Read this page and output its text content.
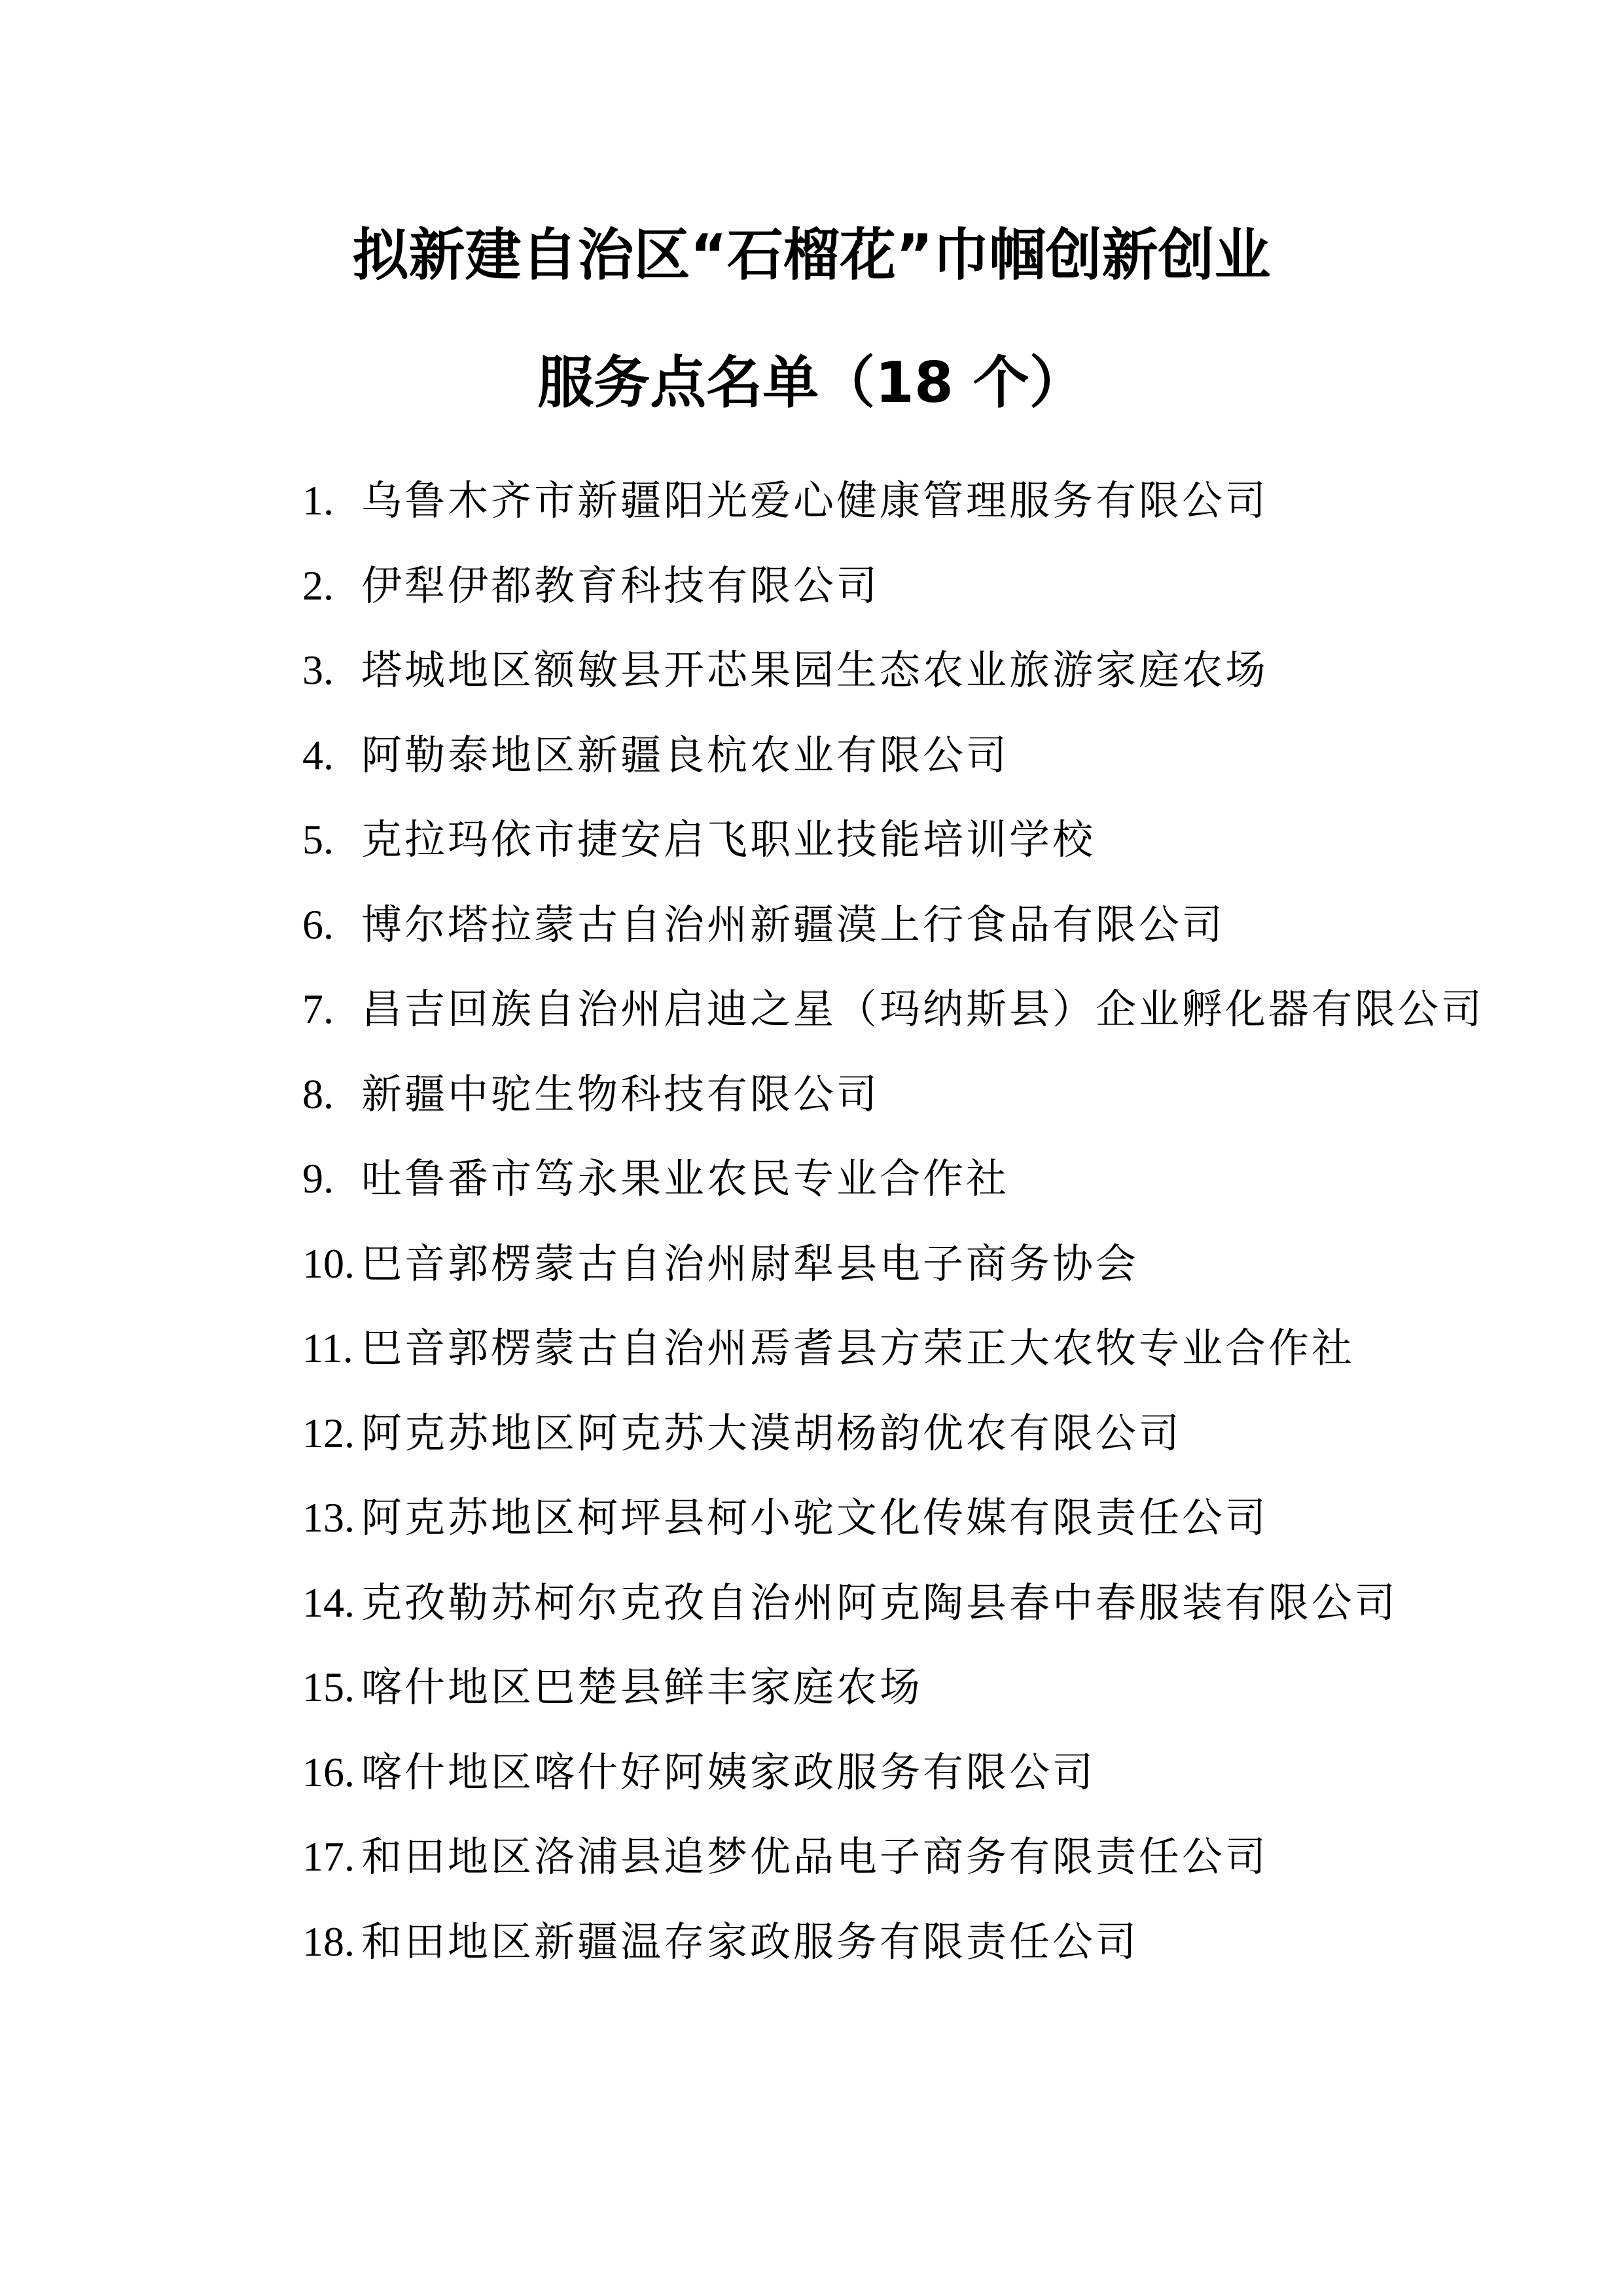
拟新建自治区“石榴花”巾帼创新创业
服务点名单（18 个）
1. 乌鲁木齐市新疆阳光爱心健康管理服务有限公司
2. 伊犁伊都教育科技有限公司
3. 塔城地区额敏县开芯果园生态农业旅游家庭农场
4. 阿勒泰地区新疆良杭农业有限公司
5. 克拉玛依市捷安启飞职业技能培训学校
6. 博尔塔拉蒙古自治州新疆漠上行食品有限公司
7. 昌吉回族自治州启迪之星（玛纳斯县）企业孵化器有限公司
8. 新疆中驼生物科技有限公司
9. 吐鲁番市笃永果业农民专业合作社
10. 巴音郭楞蒙古自治州尉犁县电子商务协会
11. 巴音郭楞蒙古自治州焉耆县方荣正大农牧专业合作社
12. 阿克苏地区阿克苏大漠胡杨韵优农有限公司
13. 阿克苏地区柯坪县柯小驼文化传媒有限责任公司
14. 克孜勒苏柯尔克孜自治州阿克陶县春中春服装有限公司
15. 喀什地区巴楚县鲜丰家庭农场
16. 喀什地区喀什好阿姨家政服务有限公司
17. 和田地区洛浦县追梦优品电子商务有限责任公司
18. 和田地区新疆温存家政服务有限责任公司
